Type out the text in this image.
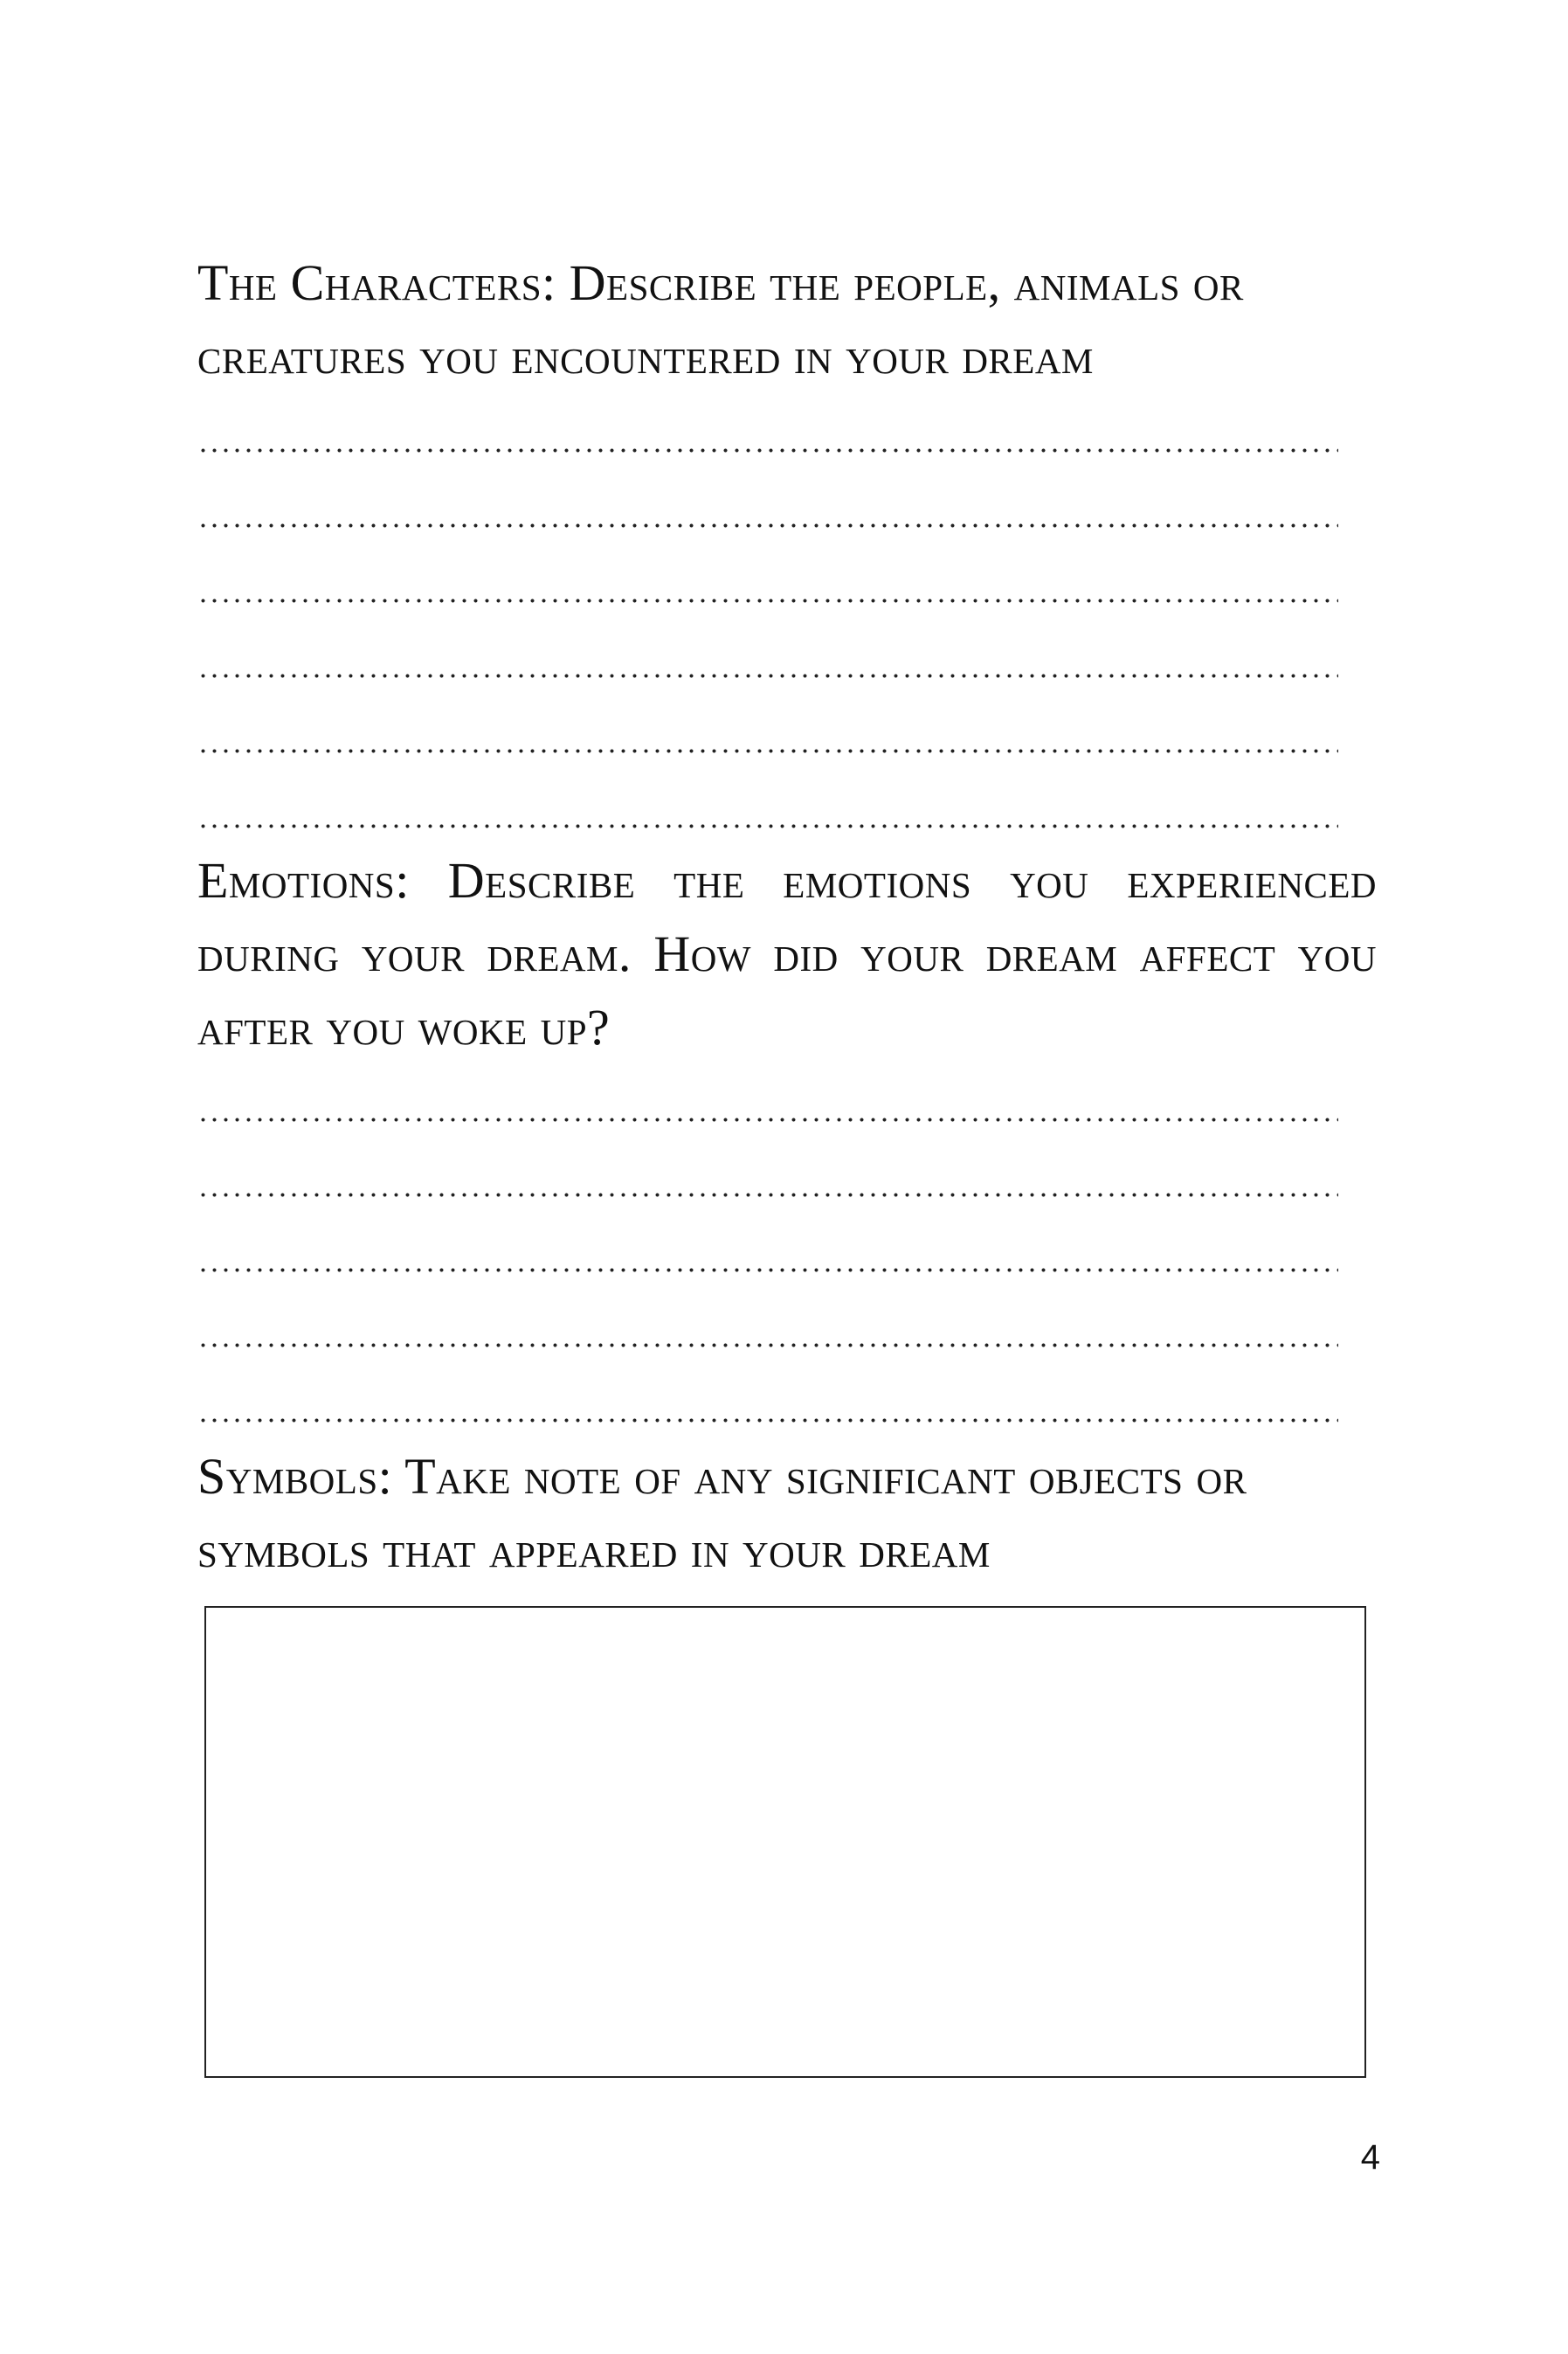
The Characters: Describe the people, animals or creatures you encountered in your dream

Emotions: Describe the emotions you experienced during your dream. How did your dream affect you after you woke up?

Symbols: Take note of any significant objects or symbols that appeared in your dream

4
